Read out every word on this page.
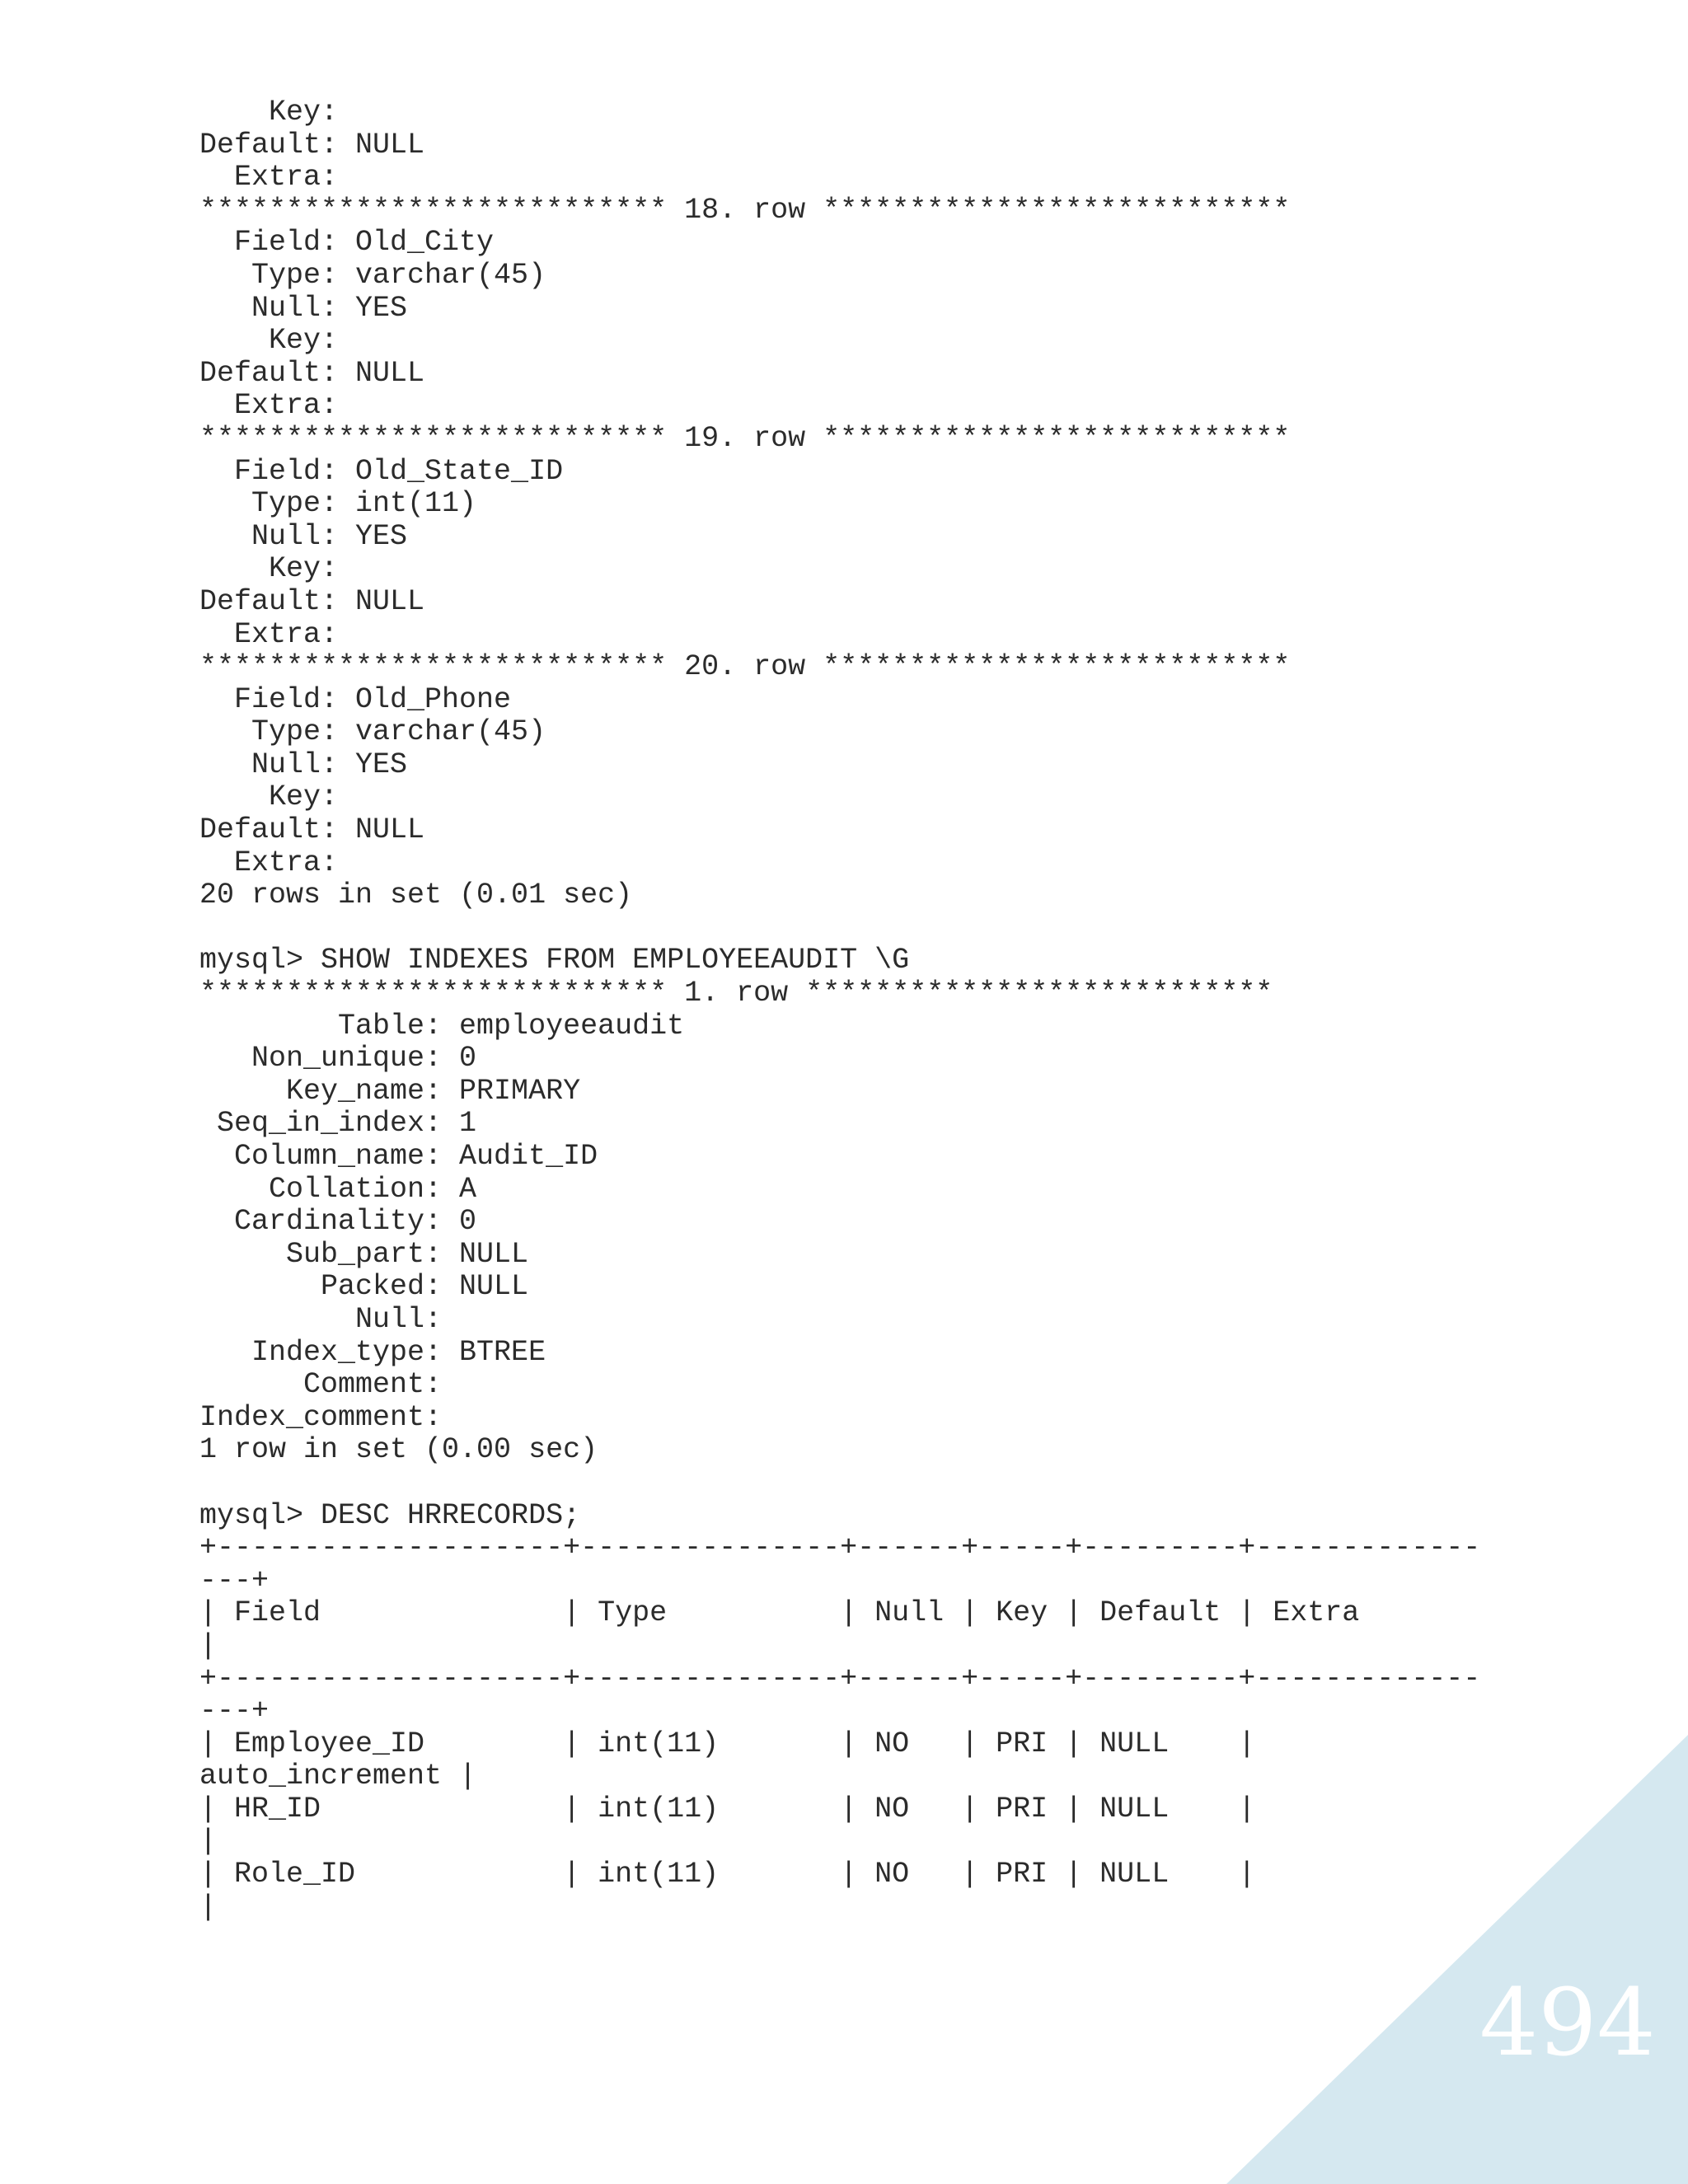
Key:
Default: NULL
Extra:
*************************** 18. row ***************************
Field: Old_City
Type: varchar(45)
Null: YES
Key:
Default: NULL
Extra:
*************************** 19. row ***************************
Field: Old_State_ID
Type: int(11)
Null: YES
Key:
Default: NULL
Extra:
*************************** 20. row ***************************
Field: Old_Phone
Type: varchar(45)
Null: YES
Key:
Default: NULL
Extra:
20 rows in set (0.01 sec)
mysql> SHOW INDEXES FROM EMPLOYEEAUDIT \G
*************************** 1. row ***************************
Table: employeeaudit
Non_unique: 0
Key_name: PRIMARY
Seq_in_index: 1
Column_name: Audit_ID
Collation: A
Cardinality: 0
Sub_part: NULL
Packed: NULL
Null:
Index_type: BTREE
Comment:
Index_comment:
1 row in set (0.00 sec)
mysql> DESC HRRECORDS;
+--------------------+---------------+------+-----+---------+-------------
---+
| Field              | Type          | Null | Key | Default | Extra
|
+--------------------+---------------+------+-----+---------+-------------
---+
| Employee_ID        | int(11)       | NO   | PRI | NULL    |
auto_increment |
| HR_ID              | int(11)       | NO   | PRI | NULL    |
|
| Role_ID            | int(11)       | NO   | PRI | NULL    |
|
494
